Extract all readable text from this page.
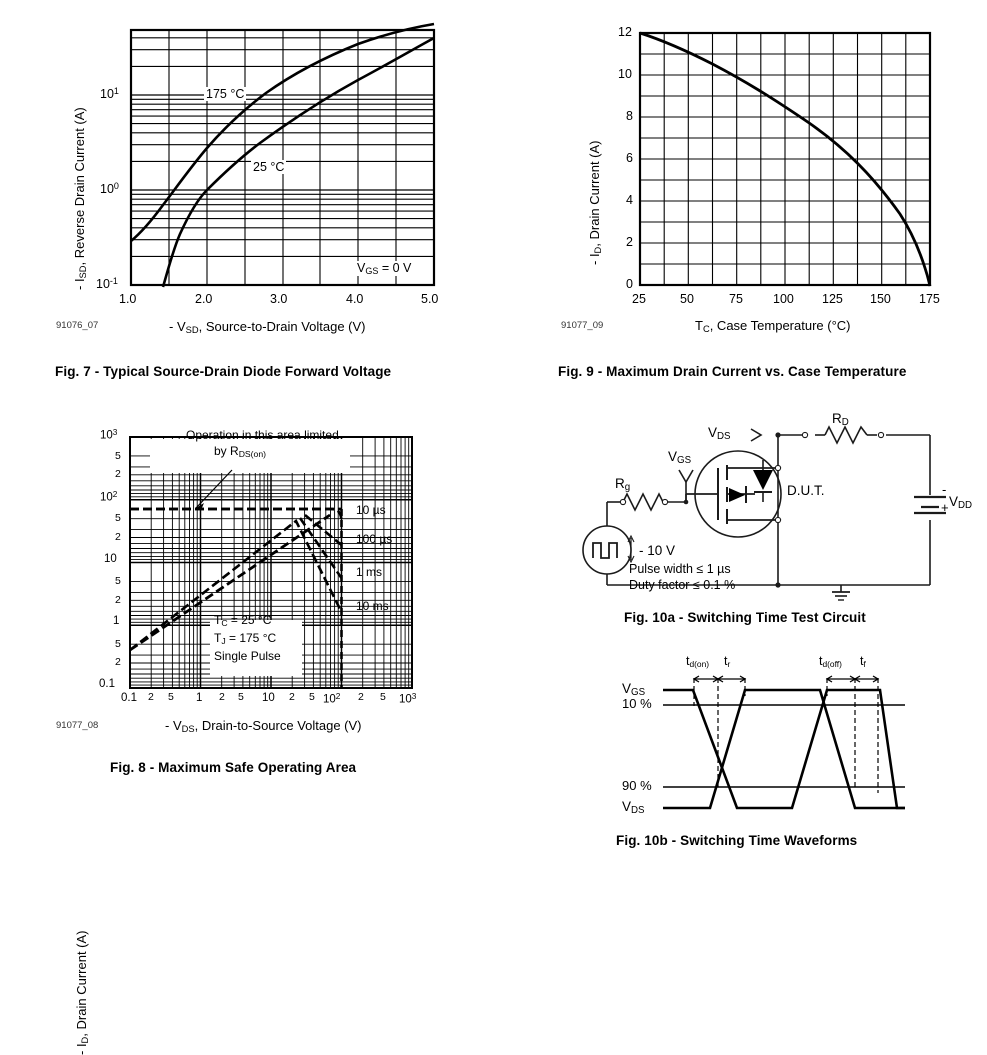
- $I_{SD}$, Reverse Drain Current (A)
175 °C
25 °C
$V_{GS} = 0$ V
$10^1$
$10^0$
$10^{-1}$
1.0	2.0	3.0	4.0	5.0
- $V_{SD}$, Source-to-Drain Voltage (V)
91076_07
Fig. 7 - Typical Source-Drain Diode Forward Voltage
- $I_D$, Drain Current (A)
12
10
8
6
4
2
0
25	50	75 100 125 150 175
$T_C$, Case Temperature (°C)
91077_09
Fig. 9 - Maximum Drain Current vs. Case Temperature
- $I_D$, Drain Current (A)
Operation in this area limited
by $R_{DS(on)}$
10 µs
100 µs
1 ms
10 ms
$T_C = 25$ °C
$T_J = 175$ °C
Single Pulse
$10^3$
5
2
$10^2$
5
2
10
5
2
1
5
2
0.1
0.1 2 5 1 2 5 10 2 5 $10^2$ 2 5 $10^3$
- $V_{DS}$, Drain-to-Source Voltage (V)
91077_08
Fig. 8 - Maximum Safe Operating Area
$V_{DS}$
$V_{GS}$
$R_g$
$R_D$
$V_{DD}$
-
+
D.U.T.
- 10 V
Pulse width ≤ 1 µs
Duty factor ≤ 0.1 %
Fig. 10a - Switching Time Test Circuit
$V_{GS}$
$V_{DS}$
10 %
90 %
td(on) tr	td(off) tf
Fig. 10b - Switching Time Waveforms
